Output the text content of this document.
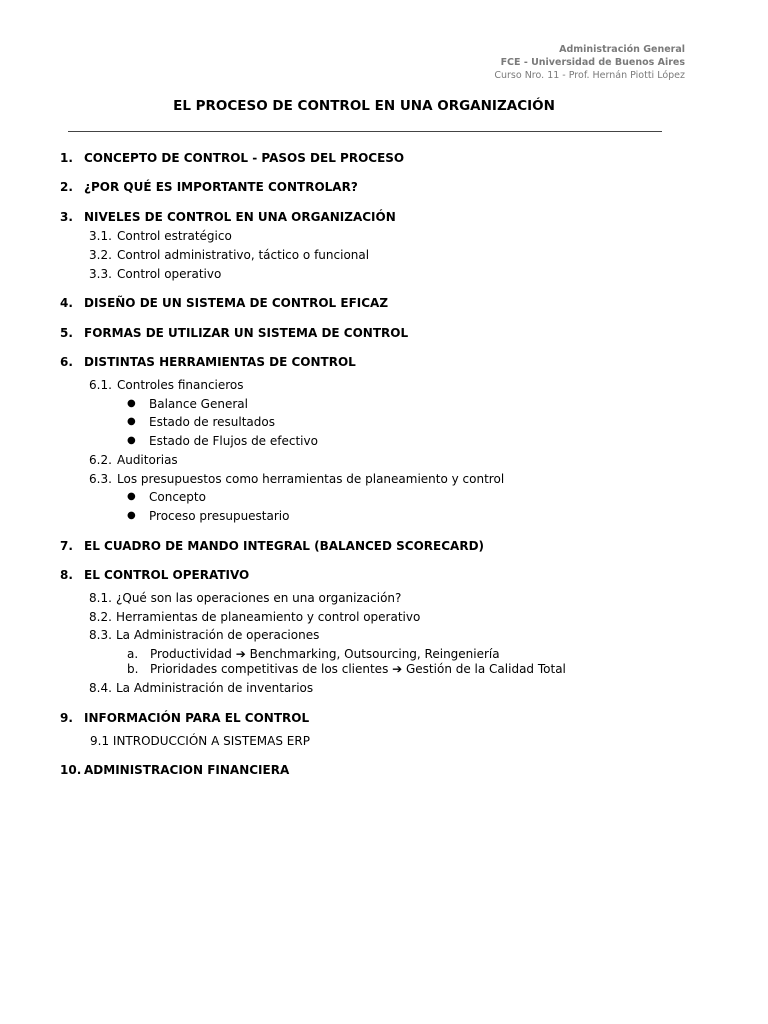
Administración General
FCE - Universidad de Buenos Aires
Curso Nro. 11 - Prof. Hernán Piotti López
EL PROCESO DE CONTROL EN UNA ORGANIZACIÓN
1. CONCEPTO DE CONTROL - PASOS DEL PROCESO
2. ¿POR QUÉ ES IMPORTANTE CONTROLAR?
3. NIVELES DE CONTROL EN UNA ORGANIZACIÓN
3.1. Control estratégico
3.2. Control administrativo, táctico o funcional
3.3. Control operativo
4. DISEÑO DE UN SISTEMA DE CONTROL EFICAZ
5. FORMAS DE UTILIZAR UN SISTEMA DE CONTROL
6. DISTINTAS HERRAMIENTAS DE CONTROL
6.1. Controles financieros
● Balance General
● Estado de resultados
● Estado de Flujos de efectivo
6.2. Auditorias
6.3. Los presupuestos como herramientas de planeamiento y control
● Concepto
● Proceso presupuestario
7. EL CUADRO DE MANDO INTEGRAL (BALANCED SCORECARD)
8. EL CONTROL OPERATIVO
8.1. ¿Qué son las operaciones en una organización?
8.2. Herramientas de planeamiento y control operativo
8.3. La Administración de operaciones
a. Productividad ➔ Benchmarking, Outsourcing, Reingeniería
b. Prioridades competitivas de los clientes ➔ Gestión de la Calidad Total
8.4. La Administración de inventarios
9. INFORMACIÓN PARA EL CONTROL
9.1 INTRODUCCIÓN A SISTEMAS ERP
10. ADMINISTRACION FINANCIERA
